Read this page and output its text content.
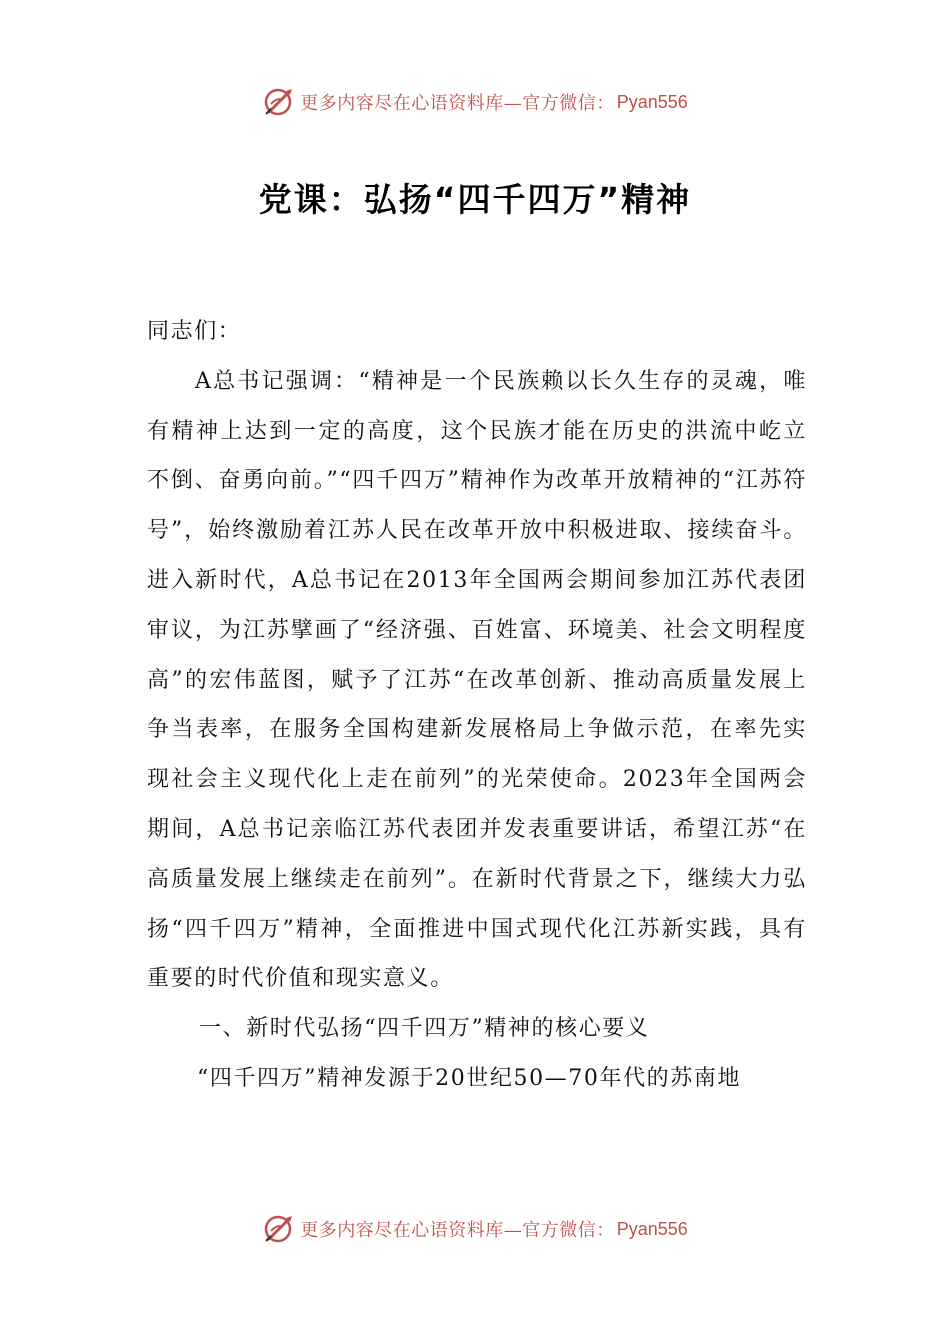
更多内容尽在心语资料库—官方微信： Pyan556
党课：弘扬“四千四万”精神

同志们：

A总书记强调：“精神是一个民族赖以长久生存的灵魂，唯有精神上达到一定的高度，这个民族才能在历史的洪流中屹立不倒、奋勇向前。”“四千四万”精神作为改革开放精神的“江苏符号”，始终激励着江苏人民在改革开放中积极进取、接续奋斗。进入新时代，A总书记在2013年全国两会期间参加江苏代表团审议，为江苏擘画了“经济强、百姓富、环境美、社会文明程度高”的宏伟蓝图，赋予了江苏“在改革创新、推动高质量发展上争当表率，在服务全国构建新发展格局上争做示范，在率先实现社会主义现代化上走在前列”的光荣使命。2023年全国两会期间，A总书记亲临江苏代表团并发表重要讲话，希望江苏“在高质量发展上继续走在前列”。在新时代背景之下，继续大力弘扬“四千四万”精神，全面推进中国式现代化江苏新实践，具有重要的时代价值和现实意义。

一、新时代弘扬“四千四万”精神的核心要义

“四千四万”精神发源于20世纪50—70年代的苏南地

更多内容尽在心语资料库—官方微信： Pyan556
